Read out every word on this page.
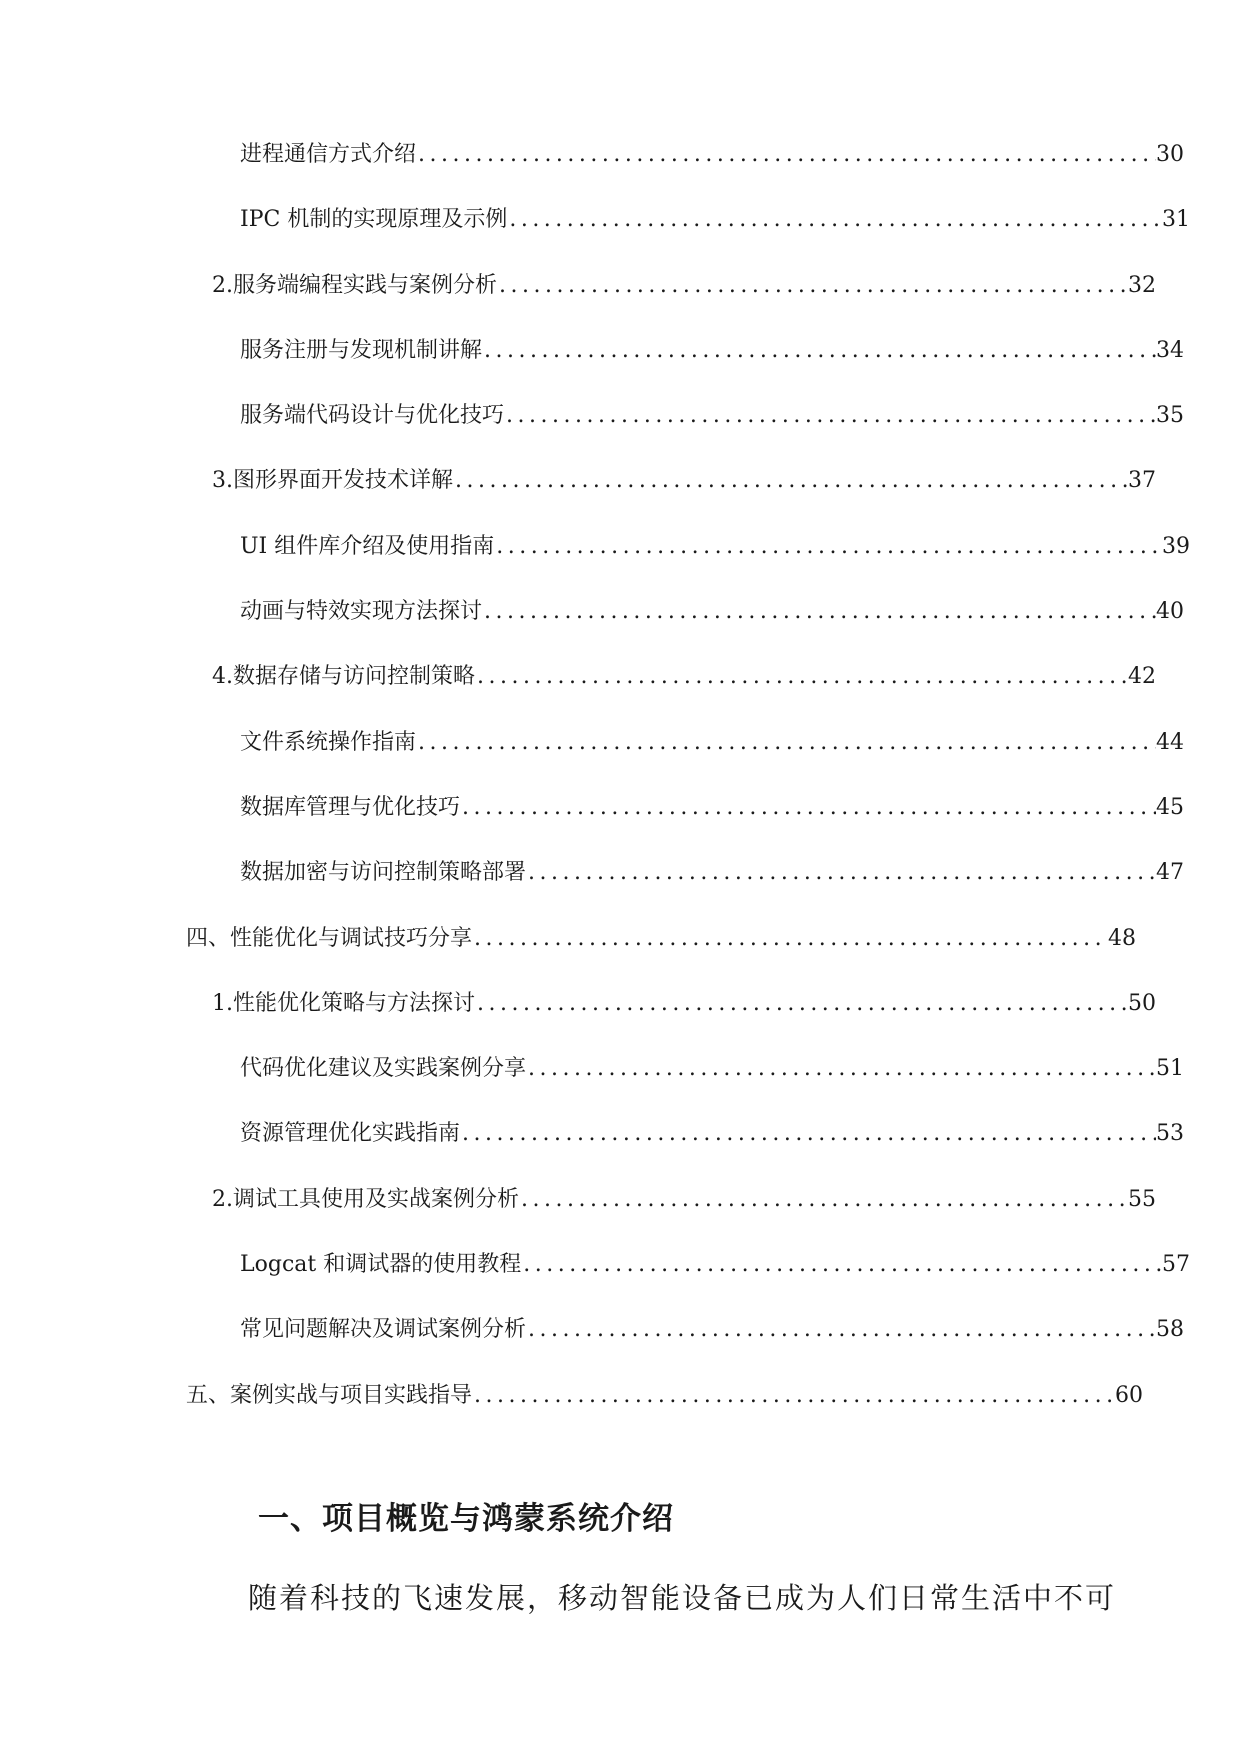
进程通信方式介绍 .....	30
IPC 机制的实现原理及示例 .....	31
2. 服务端编程实践与案例分析 .....	32
服务注册与发现机制讲解 .....	34
服务端代码设计与优化技巧 .....	35
3. 图形界面开发技术详解 .....	37
UI 组件库介绍及使用指南 .....	39
动画与特效实现方法探讨 .....	40
4. 数据存储与访问控制策略 .....	42
文件系统操作指南 .....	44
数据库管理与优化技巧 .....	45
数据加密与访问控制策略部署 .....	47
四、性能优化与调试技巧分享 .....	48
1. 性能优化策略与方法探讨 .....	50
代码优化建议及实践案例分享 .....	51
资源管理优化实践指南 .....	53
2. 调试工具使用及实战案例分析 .....	55
Logcat 和调试器的使用教程 .....	57
常见问题解决及调试案例分析 .....	58
五、案例实战与项目实践指导 .....	60
一、项目概览与鸿蒙系统介绍

随着科技的飞速发展，移动智能设备已成为人们日常生活中不可
